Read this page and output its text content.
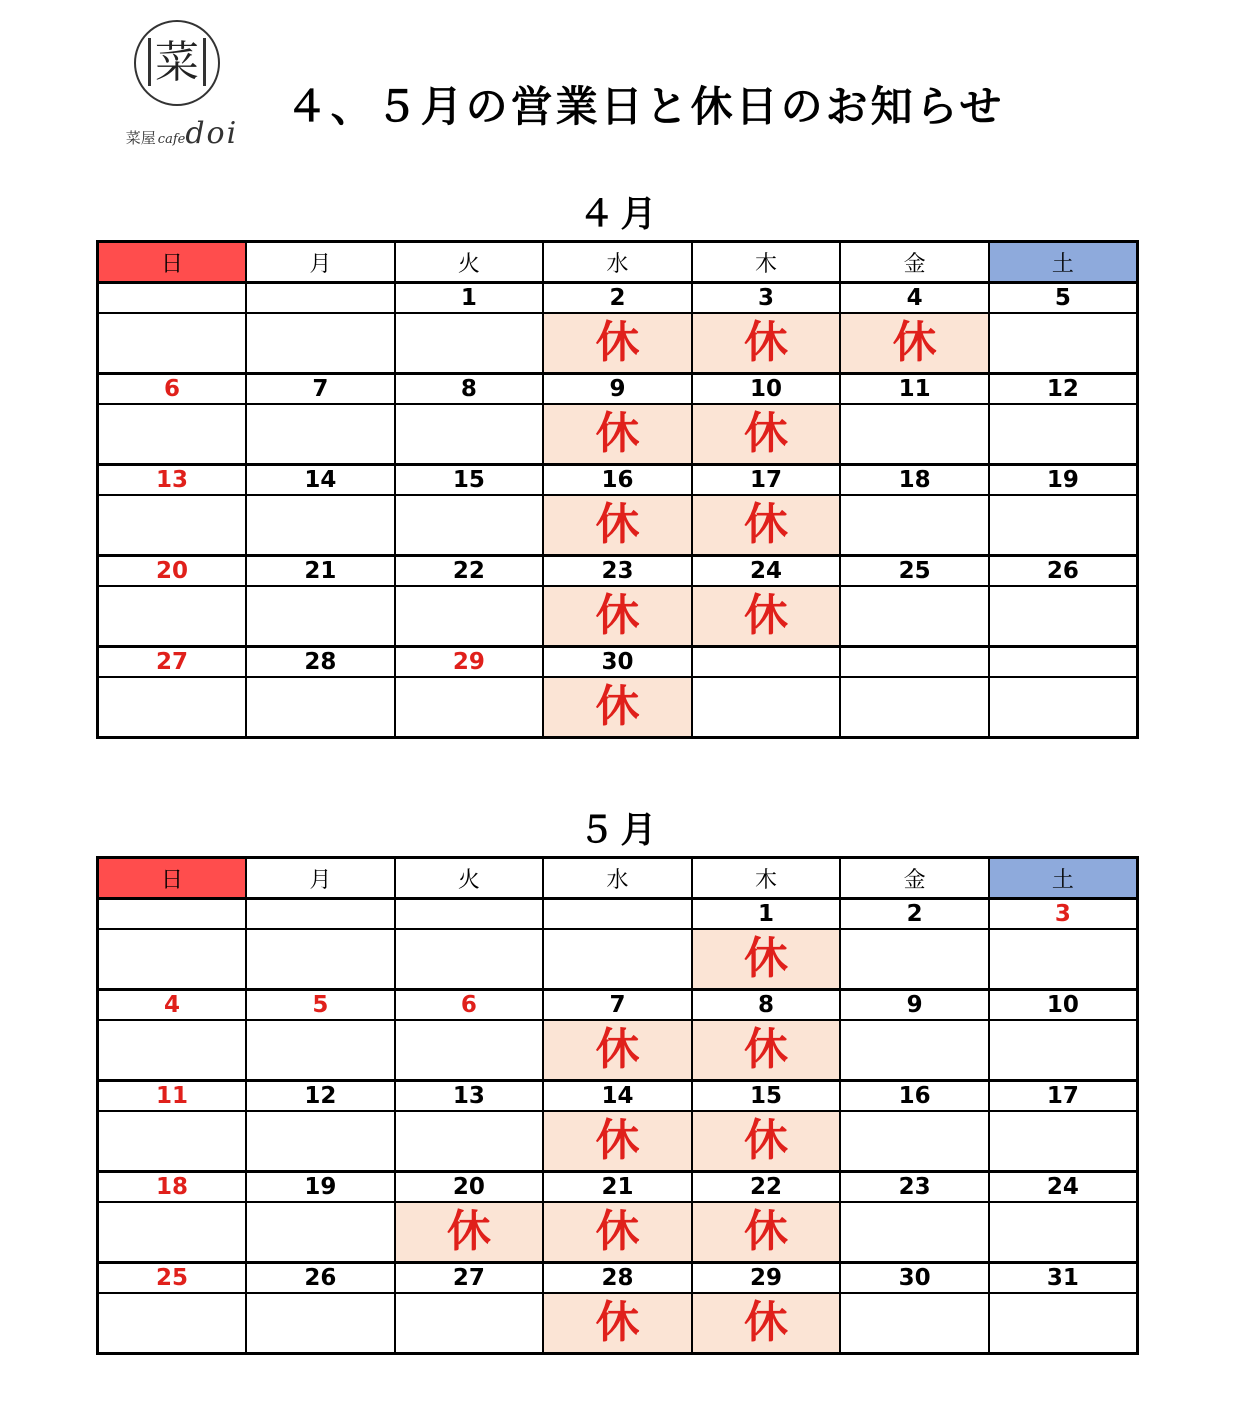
菜
菜屋 cafedoi
４、５月の営業日と休日のお知らせ
４月
日	月	火	水	木	金	土
		1	2	3	4	5
			休	休	休	
6	7	8	9	10	11	12
			休	休		
13	14	15	16	17	18	19
			休	休		
20	21	22	23	24	25	26
			休	休		
27	28	29	30			
			休			
５月
日	月	火	水	木	金	土
				1	2	3
				休		
4	5	6	7	8	9	10
			休	休		
11	12	13	14	15	16	17
			休	休		
18	19	20	21	22	23	24
		休	休	休		
25	26	27	28	29	30	31
			休	休		
